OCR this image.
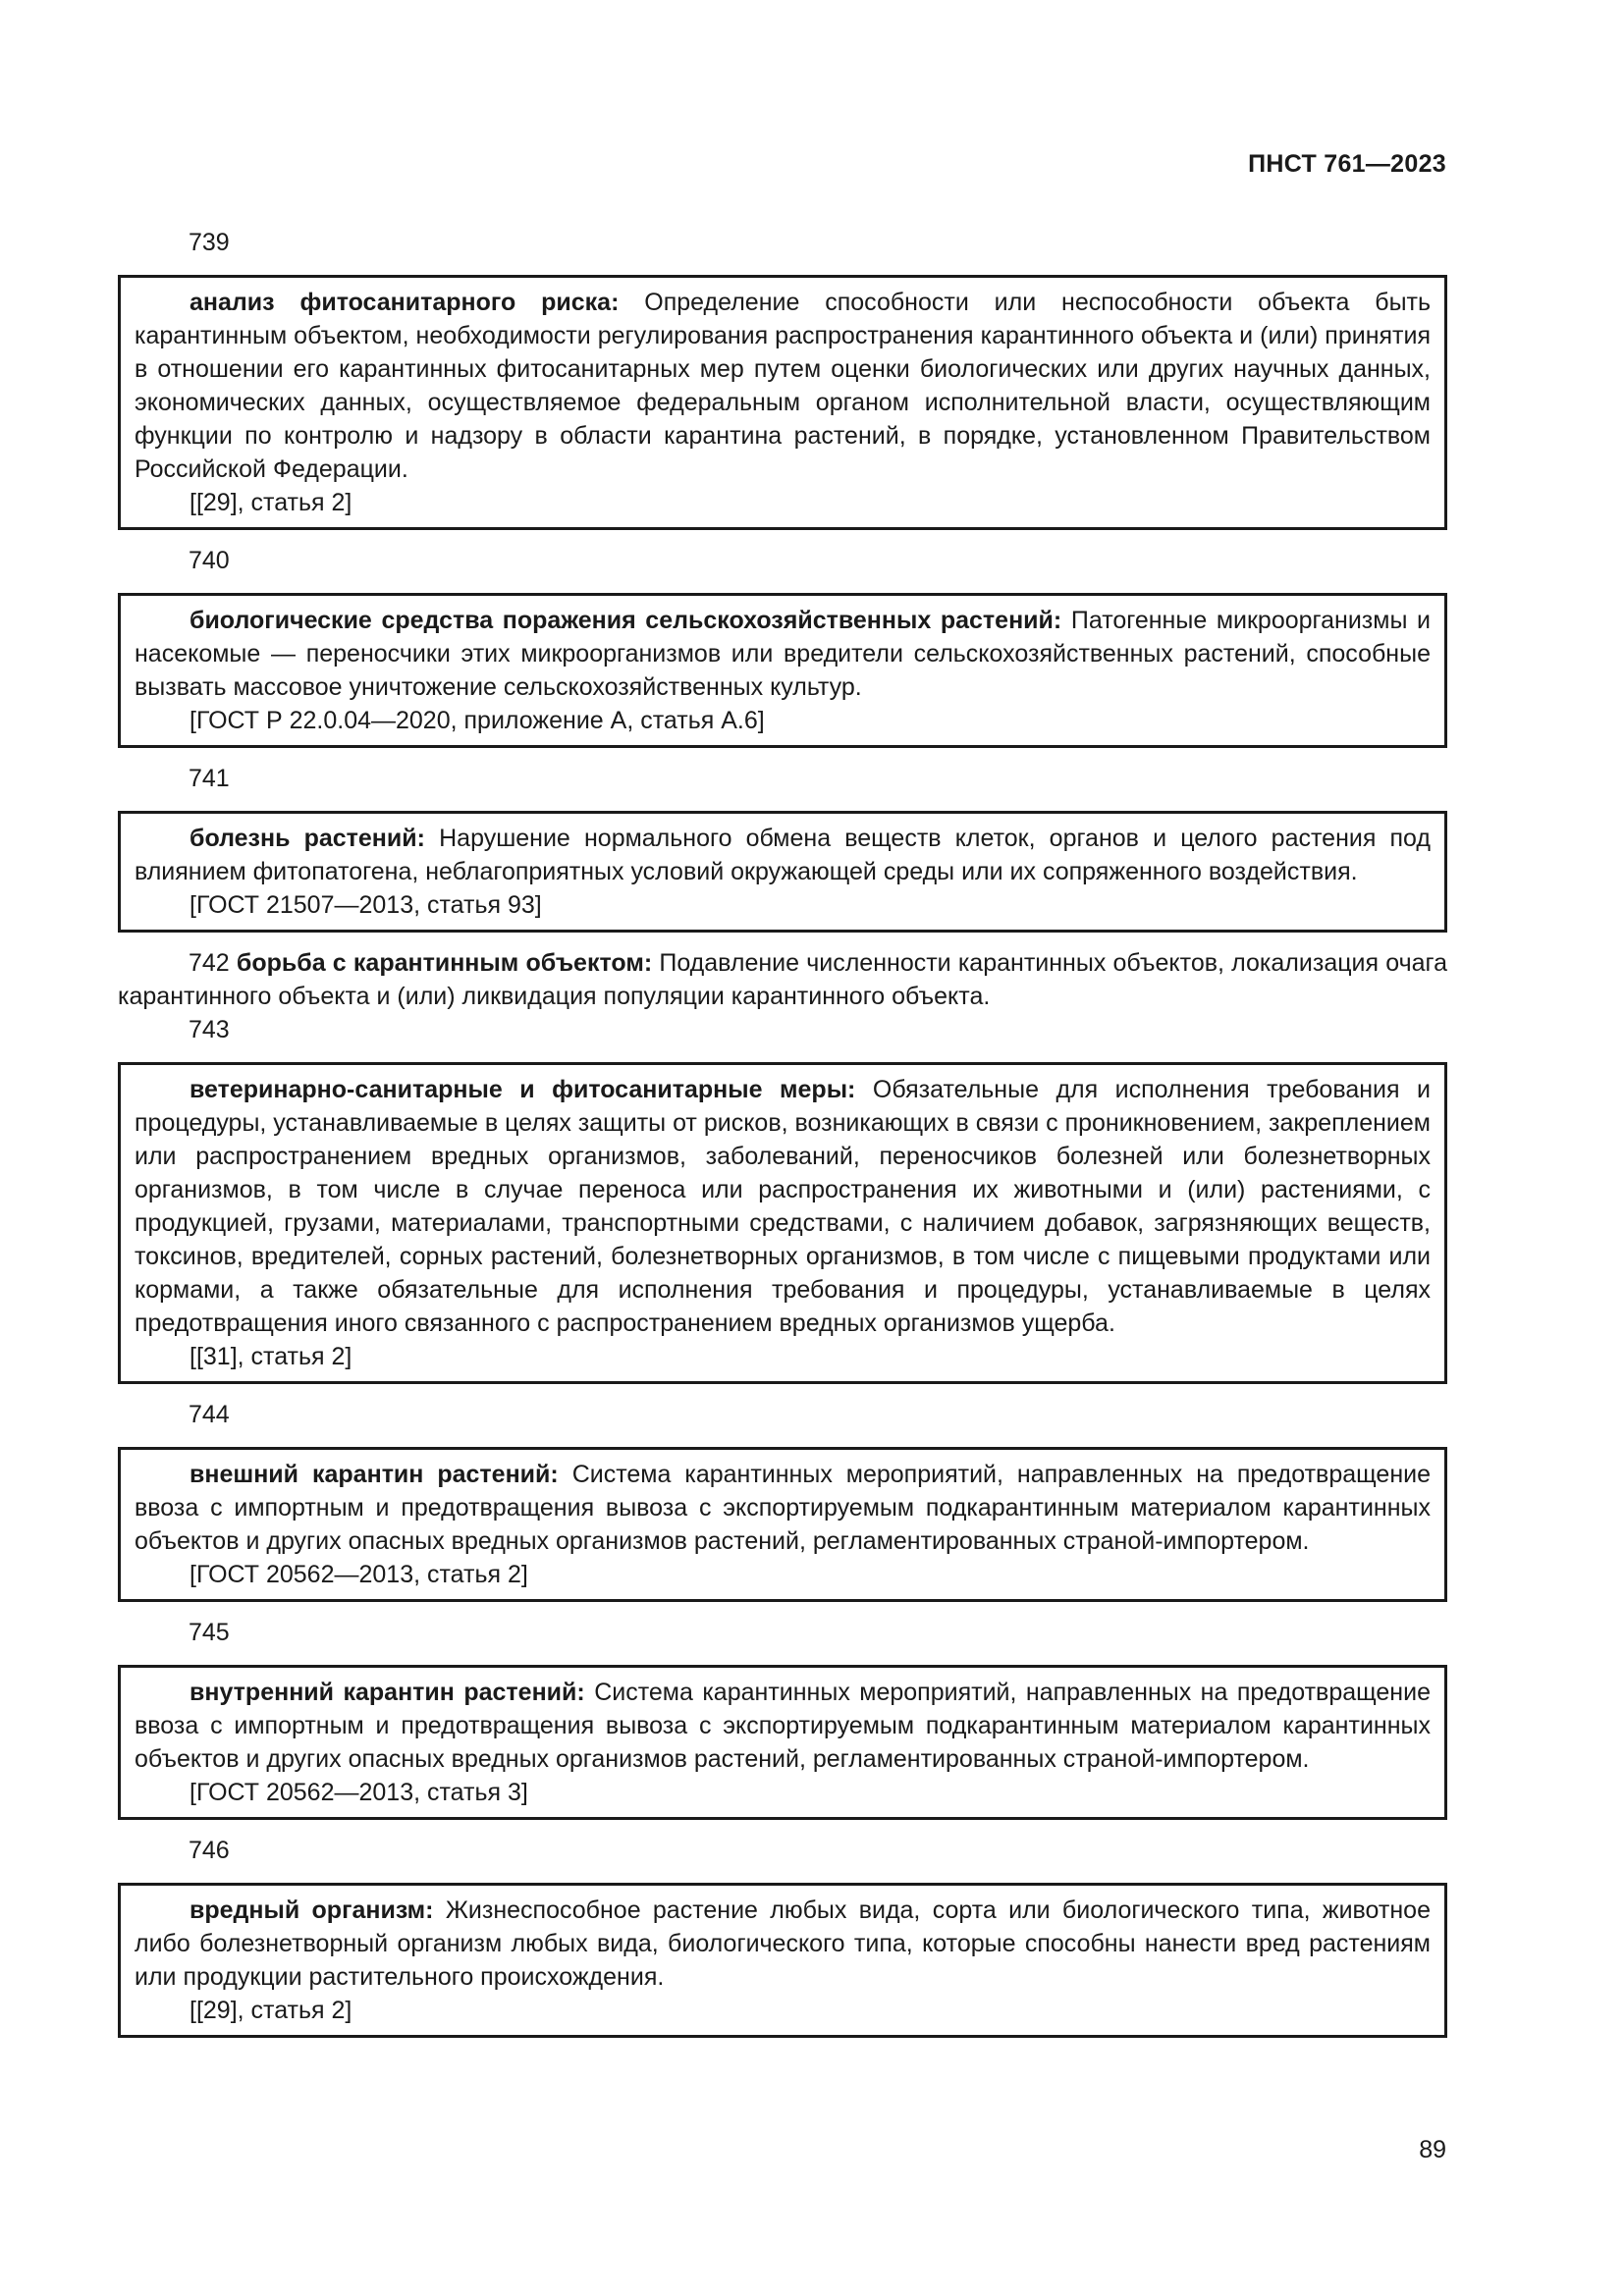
ПНСТ 761—2023
739

анализ фитосанитарного риска: Определение способности или неспособности объекта быть карантинным объектом, необходимости регулирования распространения карантинного объекта и (или) принятия в отношении его карантинных фитосанитарных мер путем оценки биологических или других научных данных, экономических данных, осуществляемое федеральным органом исполнительной власти, осуществляющим функции по контролю и надзору в области карантина растений, в порядке, установленном Правительством Российской Федерации.

[[29], статья 2]

740

биологические средства поражения сельскохозяйственных растений: Патогенные микроорганизмы и насекомые — переносчики этих микроорганизмов или вредители сельскохозяйственных растений, способные вызвать массовое уничтожение сельскохозяйственных культур.

[ГОСТ Р 22.0.04—2020, приложение А, статья А.6]

741

болезнь растений: Нарушение нормального обмена веществ клеток, органов и целого растения под влиянием фитопатогена, неблагоприятных условий окружающей среды или их сопряженного воздействия.

[ГОСТ 21507—2013, статья 93]

742 борьба с карантинным объектом: Подавление численности карантинных объектов, локализация очага карантинного объекта и (или) ликвидация популяции карантинного объекта.

743

ветеринарно-санитарные и фитосанитарные меры: Обязательные для исполнения требования и процедуры, устанавливаемые в целях защиты от рисков, возникающих в связи с проникновением, закреплением или распространением вредных организмов, заболеваний, переносчиков болезней или болезнетворных организмов, в том числе в случае переноса или распространения их животными и (или) растениями, с продукцией, грузами, материалами, транспортными средствами, с наличием добавок, загрязняющих веществ, токсинов, вредителей, сорных растений, болезнетворных организмов, в том числе с пищевыми продуктами или кормами, а также обязательные для исполнения требования и процедуры, устанавливаемые в целях предотвращения иного связанного с распространением вредных организмов ущерба.

[[31], статья 2]

744

внешний карантин растений: Система карантинных мероприятий, направленных на предотвращение ввоза с импортным и предотвращения вывоза с экспортируемым подкарантинным материалом карантинных объектов и других опасных вредных организмов растений, регламентированных страной-импортером.

[ГОСТ 20562—2013, статья 2]

745

внутренний карантин растений: Система карантинных мероприятий, направленных на предотвращение ввоза с импортным и предотвращения вывоза с экспортируемым подкарантинным материалом карантинных объектов и других опасных вредных организмов растений, регламентированных страной-импортером.

[ГОСТ 20562—2013, статья 3]

746

вредный организм: Жизнеспособное растение любых вида, сорта или биологического типа, животное либо болезнетворный организм любых вида, биологического типа, которые способны нанести вред растениям или продукции растительного происхождения.

[[29], статья 2]

89
